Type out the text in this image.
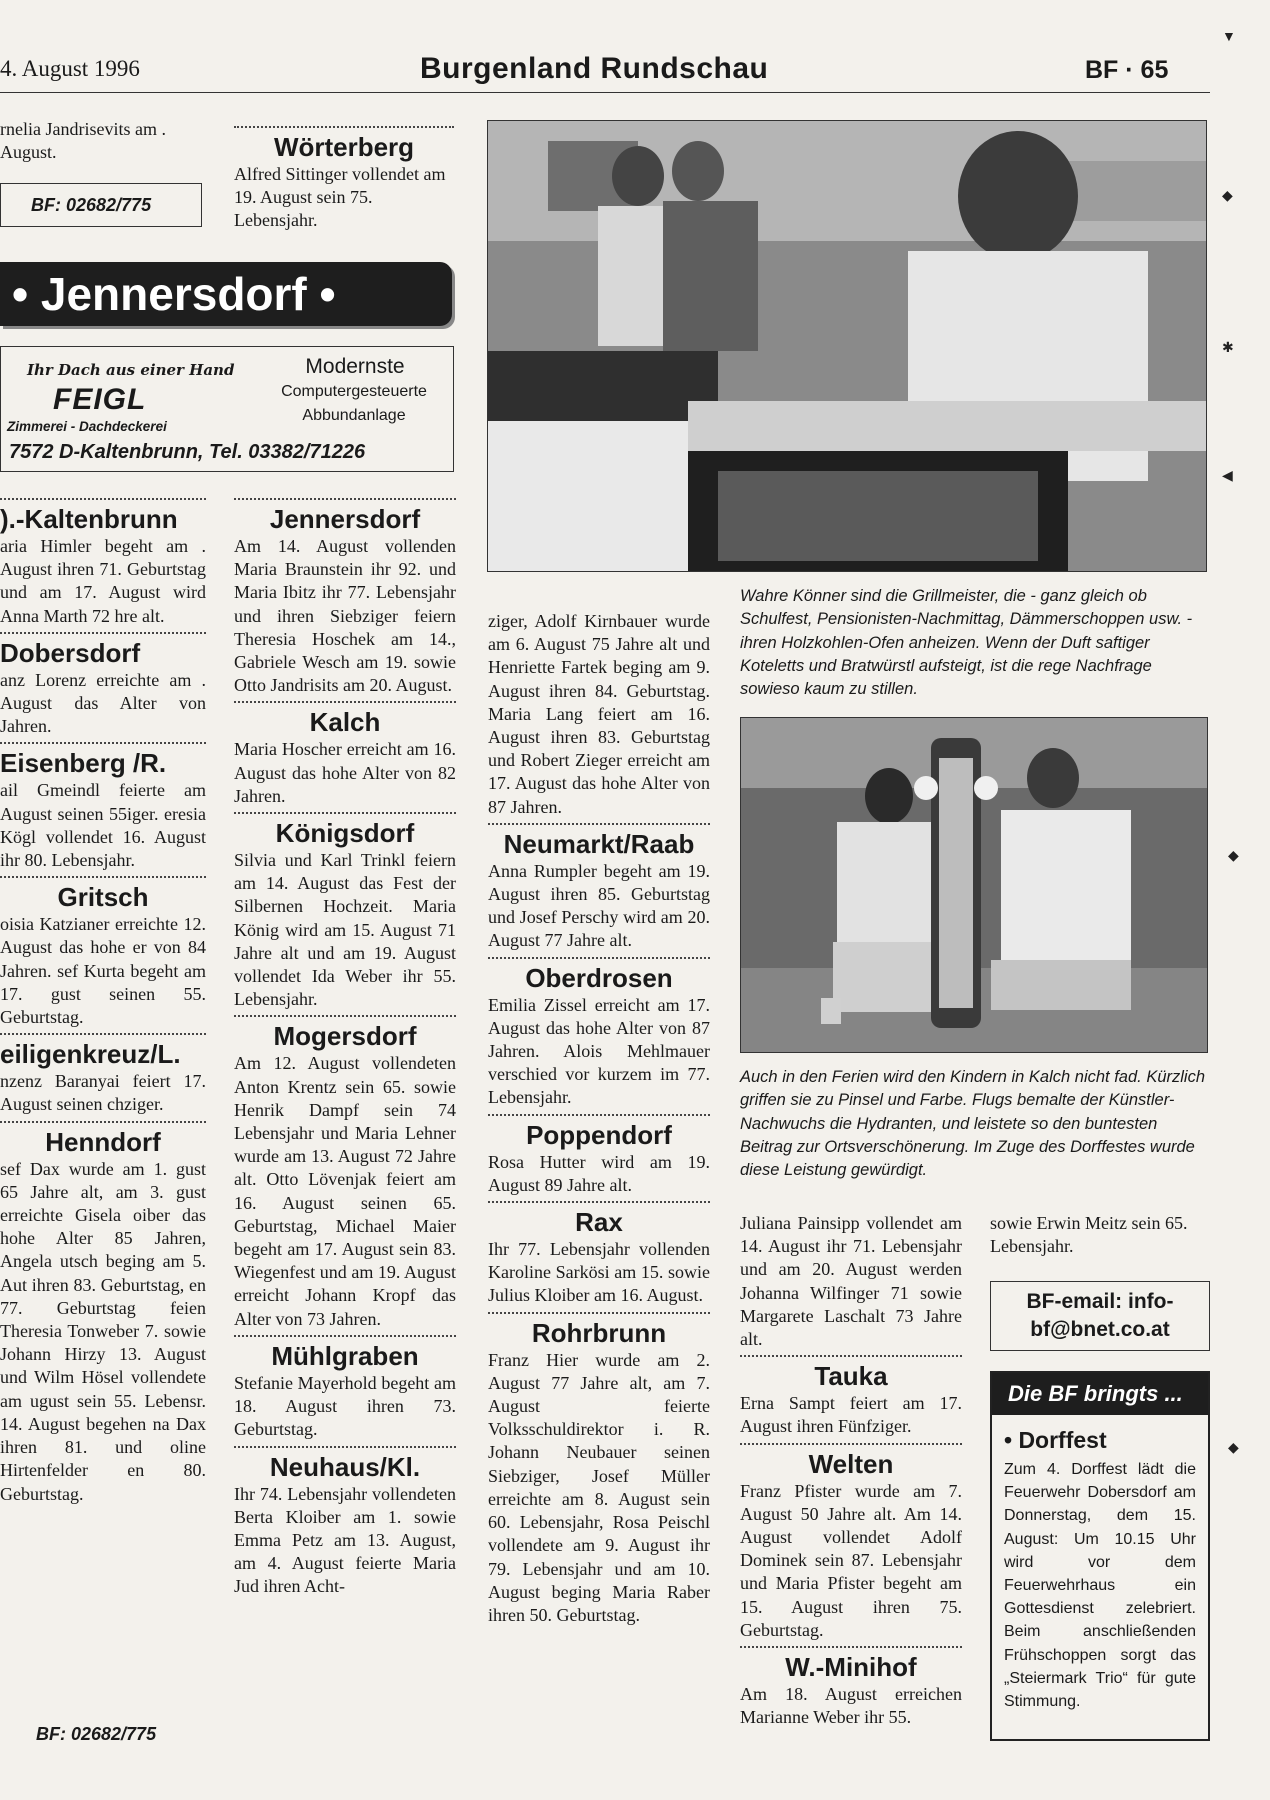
4. August 1996	Burgenland Rundschau	BF · 65

rnelia Jandrisevits am . August.

BF: 02682/775
Wörterberg

Alfred Sittinger vollendet am 19. August sein 75. Lebensjahr.

• Jennersdorf •
Ihr Dach aus einer Hand
FEIGL
Zimmerei - Dachdeckerei
Modernste
Computergesteuerte
Abbundanlage
7572 D-Kaltenbrunn, Tel. 03382/71226
).-Kaltenbrunn

aria Himler begeht am . August ihren 71. Geburtstag und am 17. August wird Anna Marth 72 hre alt.

Dobersdorf

anz Lorenz erreichte am . August das Alter von Jahren.

Eisenberg /R.

ail Gmeindl feierte am August seinen 55iger. eresia Kögl vollendet 16. August ihr 80. Lebensjahr.

Gritsch

oisia Katzianer erreichte 12. August das hohe er von 84 Jahren. sef Kurta begeht am 17. gust seinen 55. Geburtstag.

eiligenkreuz/L.

nzenz Baranyai feiert 17. August seinen chziger.

Henndorf

sef Dax wurde am 1. gust 65 Jahre alt, am 3. gust erreichte Gisela oiber das hohe Alter 85 Jahren, Angela utsch beging am 5. Aut ihren 83. Geburtstag, en 77. Geburtstag feien Theresia Tonweber 7. sowie Johann Hirzy 13. August und Wilm Hösel vollendete am ugust sein 55. Lebensr. 14. August begehen na Dax ihren 81. und oline Hirtenfelder en 80. Geburtstag.

BF: 02682/775
Jennersdorf

Am 14. August vollenden Maria Braunstein ihr 92. und Maria Ibitz ihr 77. Lebensjahr und ihren Siebziger feiern Theresia Hoschek am 14., Gabriele Wesch am 19. sowie Otto Jandrisits am 20. August.

Kalch

Maria Hoscher erreicht am 16. August das hohe Alter von 82 Jahren.

Königsdorf

Silvia und Karl Trinkl feiern am 14. August das Fest der Silbernen Hochzeit. Maria König wird am 15. August 71 Jahre alt und am 19. August vollendet Ida Weber ihr 55. Lebensjahr.

Mogersdorf

Am 12. August vollendeten Anton Krentz sein 65. sowie Henrik Dampf sein 74 Lebensjahr und Maria Lehner wurde am 13. August 72 Jahre alt. Otto Lövenjak feiert am 16. August seinen 65. Geburtstag, Michael Maier begeht am 17. August sein 83. Wiegenfest und am 19. August erreicht Johann Kropf das Alter von 73 Jahren.

Mühlgraben

Stefanie Mayerhold begeht am 18. August ihren 73. Geburtstag.

Neuhaus/Kl.

Ihr 74. Lebensjahr vollendeten Berta Kloiber am 1. sowie Emma Petz am 13. August, am 4. August feierte Maria Jud ihren Acht-

Wahre Könner sind die Grillmeister, die - ganz gleich ob Schulfest, Pensionisten-Nachmittag, Dämmerschoppen usw. - ihren Holzkohlen-Ofen anheizen. Wenn der Duft saftiger Koteletts und Bratwürstl aufsteigt, ist die rege Nachfrage sowieso kaum zu stillen.

ziger, Adolf Kirnbauer wurde am 6. August 75 Jahre alt und Henriette Fartek beging am 9. August ihren 84. Geburtstag. Maria Lang feiert am 16. August ihren 83. Geburtstag und Robert Zieger erreicht am 17. August das hohe Alter von 87 Jahren.

Neumarkt/Raab

Anna Rumpler begeht am 19. August ihren 85. Geburtstag und Josef Perschy wird am 20. August 77 Jahre alt.

Oberdrosen

Emilia Zissel erreicht am 17. August das hohe Alter von 87 Jahren. Alois Mehlmauer verschied vor kurzem im 77. Lebensjahr.

Poppendorf

Rosa Hutter wird am 19. August 89 Jahre alt.

Rax

Ihr 77. Lebensjahr vollenden Karoline Sarkösi am 15. sowie Julius Kloiber am 16. August.

Rohrbrunn

Franz Hier wurde am 2. August 77 Jahre alt, am 7. August feierte Volksschuldirektor i. R. Johann Neubauer seinen Siebziger, Josef Müller erreichte am 8. August sein 60. Lebensjahr, Rosa Peischl vollendete am 9. August ihr 79. Lebensjahr und am 10. August beging Maria Raber ihren 50. Geburtstag.

Auch in den Ferien wird den Kindern in Kalch nicht fad. Kürzlich griffen sie zu Pinsel und Farbe. Flugs bemalte der Künstler-Nachwuchs die Hydranten, und leistete so den buntesten Beitrag zur Ortsverschönerung. Im Zuge des Dorffestes wurde diese Leistung gewürdigt.

Juliana Painsipp vollendet am 14. August ihr 71. Lebensjahr und am 20. August werden Johanna Wilfinger 71 sowie Margarete Laschalt 73 Jahre alt.

Tauka

Erna Sampt feiert am 17. August ihren Fünfziger.

Welten

Franz Pfister wurde am 7. August 50 Jahre alt. Am 14. August vollendet Adolf Dominek sein 87. Lebensjahr und Maria Pfister begeht am 15. August ihren 75. Geburtstag.

W.-Minihof

Am 18. August erreichen Marianne Weber ihr 55.

sowie Erwin Meitz sein 65. Lebensjahr.

BF-email: info-
bf@bnet.co.at
Die BF bringts ...
• Dorffest
Zum 4. Dorffest lädt die Feuerwehr Dobersdorf am Donnerstag, dem 15. August: Um 10.15 Uhr wird vor dem Feuerwehrhaus ein Gottesdienst zelebriert. Beim anschließenden Frühschoppen sorgt das „Steiermark Trio“ für gute Stimmung.
▼
◆
✱
◀
◆
◆
